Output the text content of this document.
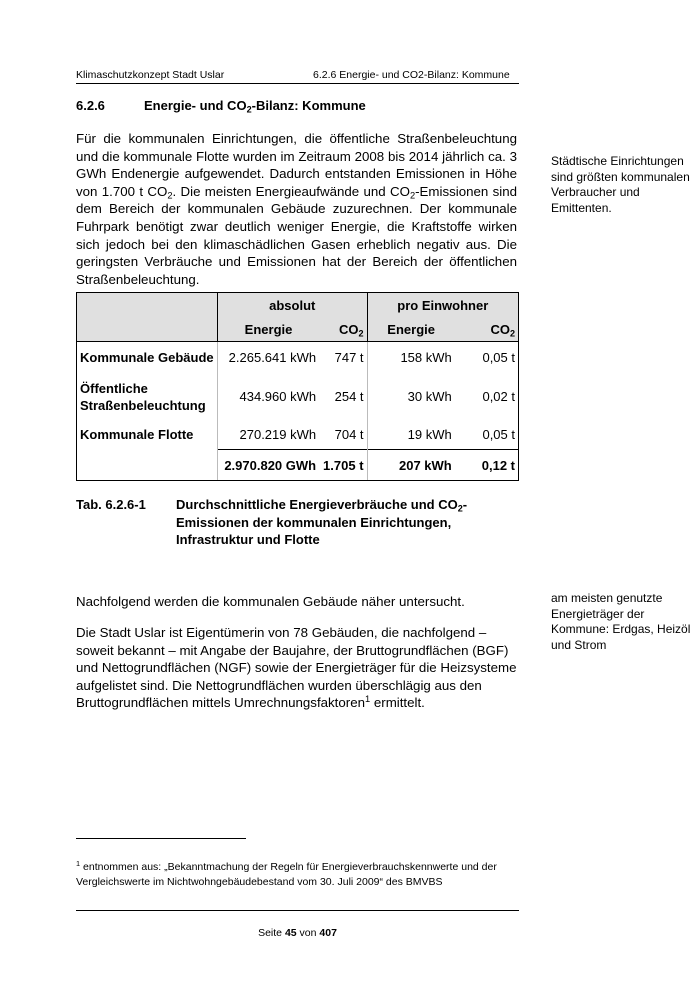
Klimaschutzkonzept Stadt Uslar	6.2.6 Energie- und CO2-Bilanz: Kommune
6.2.6	Energie- und $CO_2$-Bilanz: Kommune
Für die kommunalen Einrichtungen, die öffentliche Straßenbeleuchtung und die kommunale Flotte wurden im Zeitraum 2008 bis 2014 jährlich ca. 3 GWh Endenergie aufgewendet. Dadurch entstanden Emissionen in Höhe von 1.700 t $CO_2$. Die meisten Energieaufwände und $CO_2$-Emissionen sind dem Bereich der kommunalen Gebäude zuzurechnen. Der kommunale Fuhrpark benötigt zwar deutlich weniger Energie, die Kraftstoffe wirken sich jedoch bei den klimaschädlichen Gasen erheblich negativ aus. Die geringsten Verbräuche und Emissionen hat der Bereich der öffentlichen Straßenbeleuchtung.
Städtische Einrichtungen sind größten kommunalen Verbraucher und Emittenten.
am meisten genutzte Energieträger der Kommune: Erdgas, Heizöl und Strom
	absolut		pro Einwohner	
	Energie	$CO_2$	Energie	$CO_2$
Kommunale Gebäude	2.265.641 kWh	747 t	158 kWh	0,05 t
Öffentliche Straßenbeleuchtung	434.960 kWh	254 t	30 kWh	0,02 t
Kommunale Flotte	270.219 kWh	704 t	19 kWh	0,05 t
	2.970.820 GWh	1.705 t	207 kWh	0,12 t
Tab. 6.2.6-1 Durchschnittliche Energieverbräuche und $CO_2$-Emissionen der kommunalen Einrichtungen, Infrastruktur und Flotte
Nachfolgend werden die kommunalen Gebäude näher untersucht.
Die Stadt Uslar ist Eigentümerin von 78 Gebäuden, die nachfolgend – soweit bekannt – mit Angabe der Baujahre, der Bruttogrundflächen (BGF) und Nettogrundflächen (NGF) sowie der Energieträger für die Heizsysteme aufgelistet sind. Die Nettogrundflächen wurden überschlägig aus den Bruttogrundflächen mittels Umrechnungsfaktoren$^1$ ermittelt.
$^1$ entnommen aus: „Bekanntmachung der Regeln für Energieverbrauchskennwerte und der Vergleichswerte im Nichtwohngebäudebestand vom 30. Juli 2009“ des BMVBS
Seite 45 von 407
